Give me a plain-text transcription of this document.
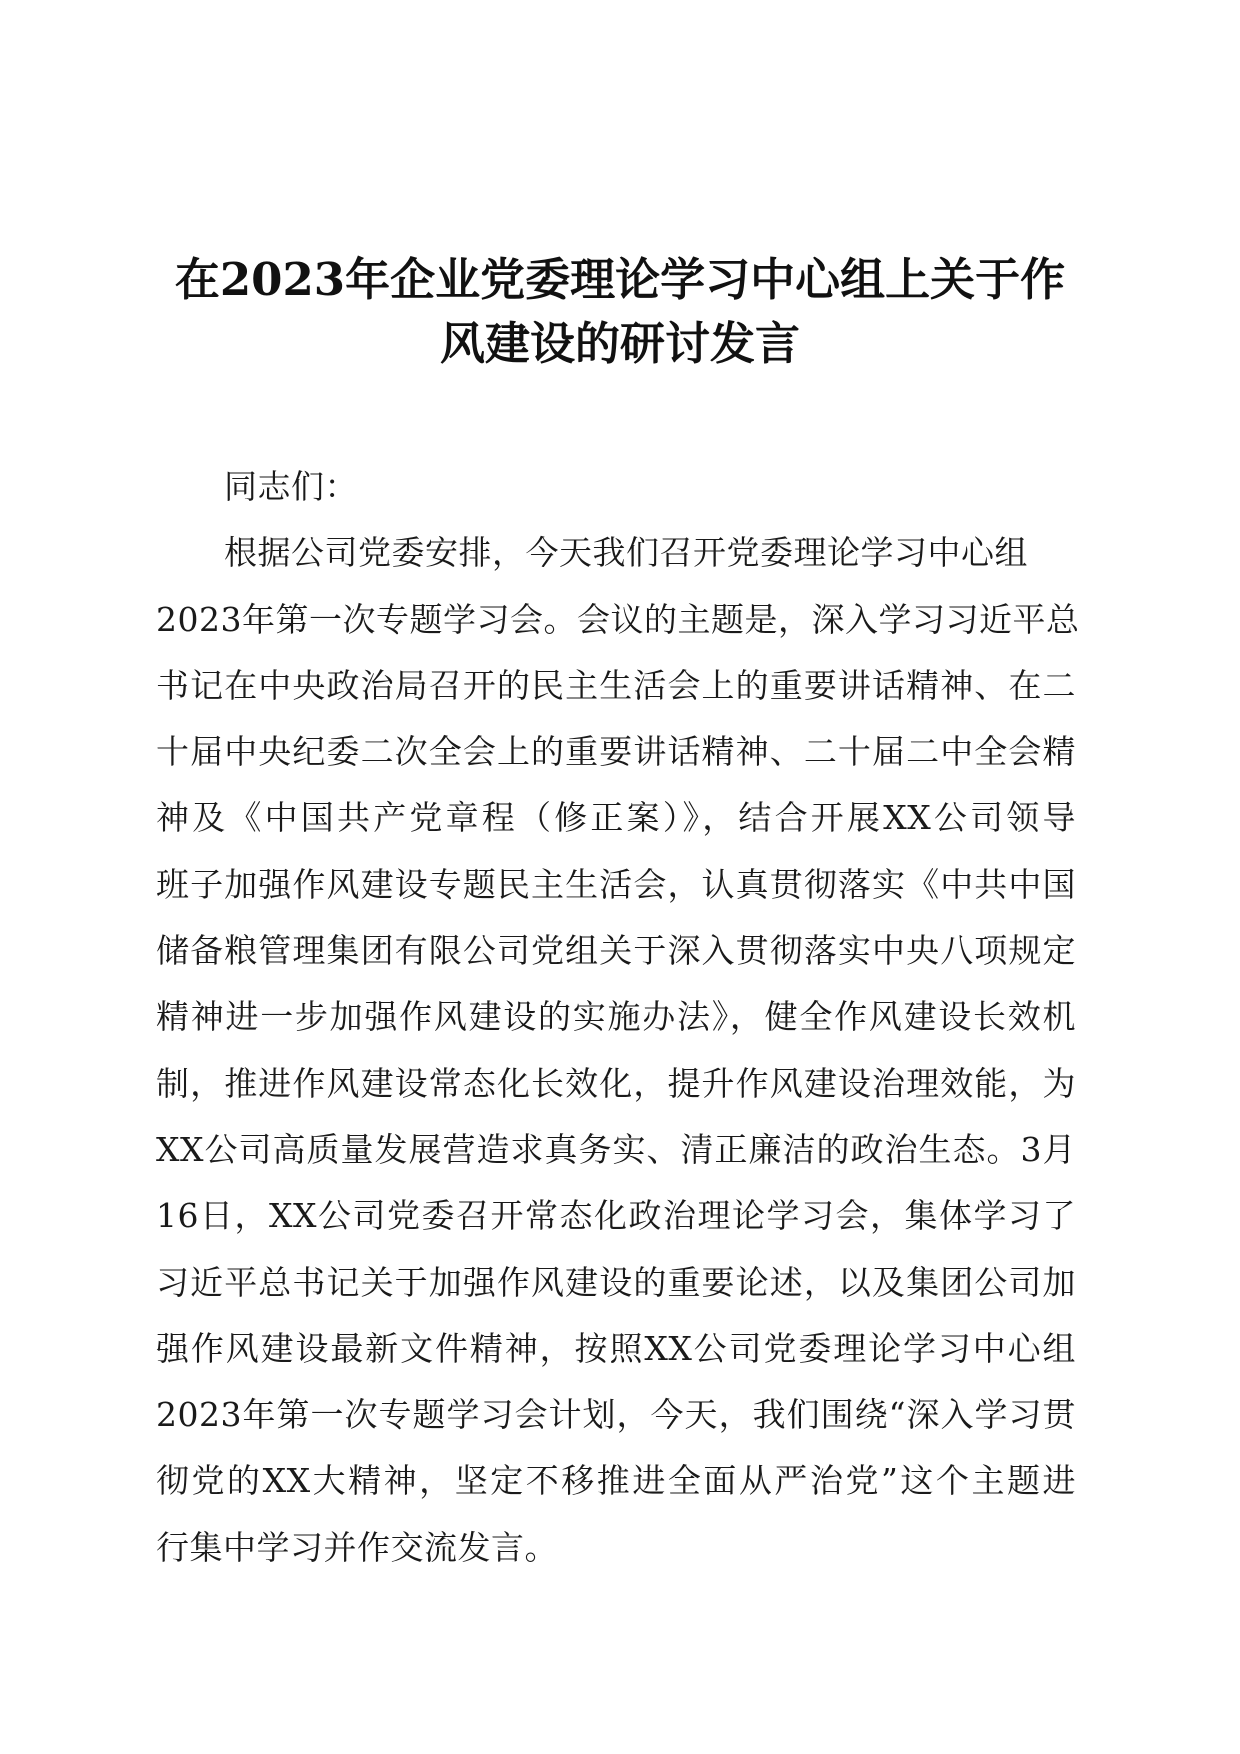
在2023年企业党委理论学习中心组上关于作
风建设的研讨发言
同志们：
根据公司党委安排，今天我们召开党委理论学习中心组
2023年第一次专题学习会。会议的主题是，深入学习习近平总
书记在中央政治局召开的民主生活会上的重要讲话精神、在二
十届中央纪委二次全会上的重要讲话精神、二十届二中全会精
神及《中国共产党章程（修正案）》，结合开展XX公司领导
班子加强作风建设专题民主生活会，认真贯彻落实《中共中国
储备粮管理集团有限公司党组关于深入贯彻落实中央八项规定
精神进一步加强作风建设的实施办法》，健全作风建设长效机
制，推进作风建设常态化长效化，提升作风建设治理效能，为
XX公司高质量发展营造求真务实、清正廉洁的政治生态。3月
16日，XX公司党委召开常态化政治理论学习会，集体学习了
习近平总书记关于加强作风建设的重要论述，以及集团公司加
强作风建设最新文件精神，按照XX公司党委理论学习中心组
2023年第一次专题学习会计划，今天，我们围绕“深入学习贯
彻党的XX大精神，坚定不移推进全面从严治党”这个主题进
行集中学习并作交流发言。
